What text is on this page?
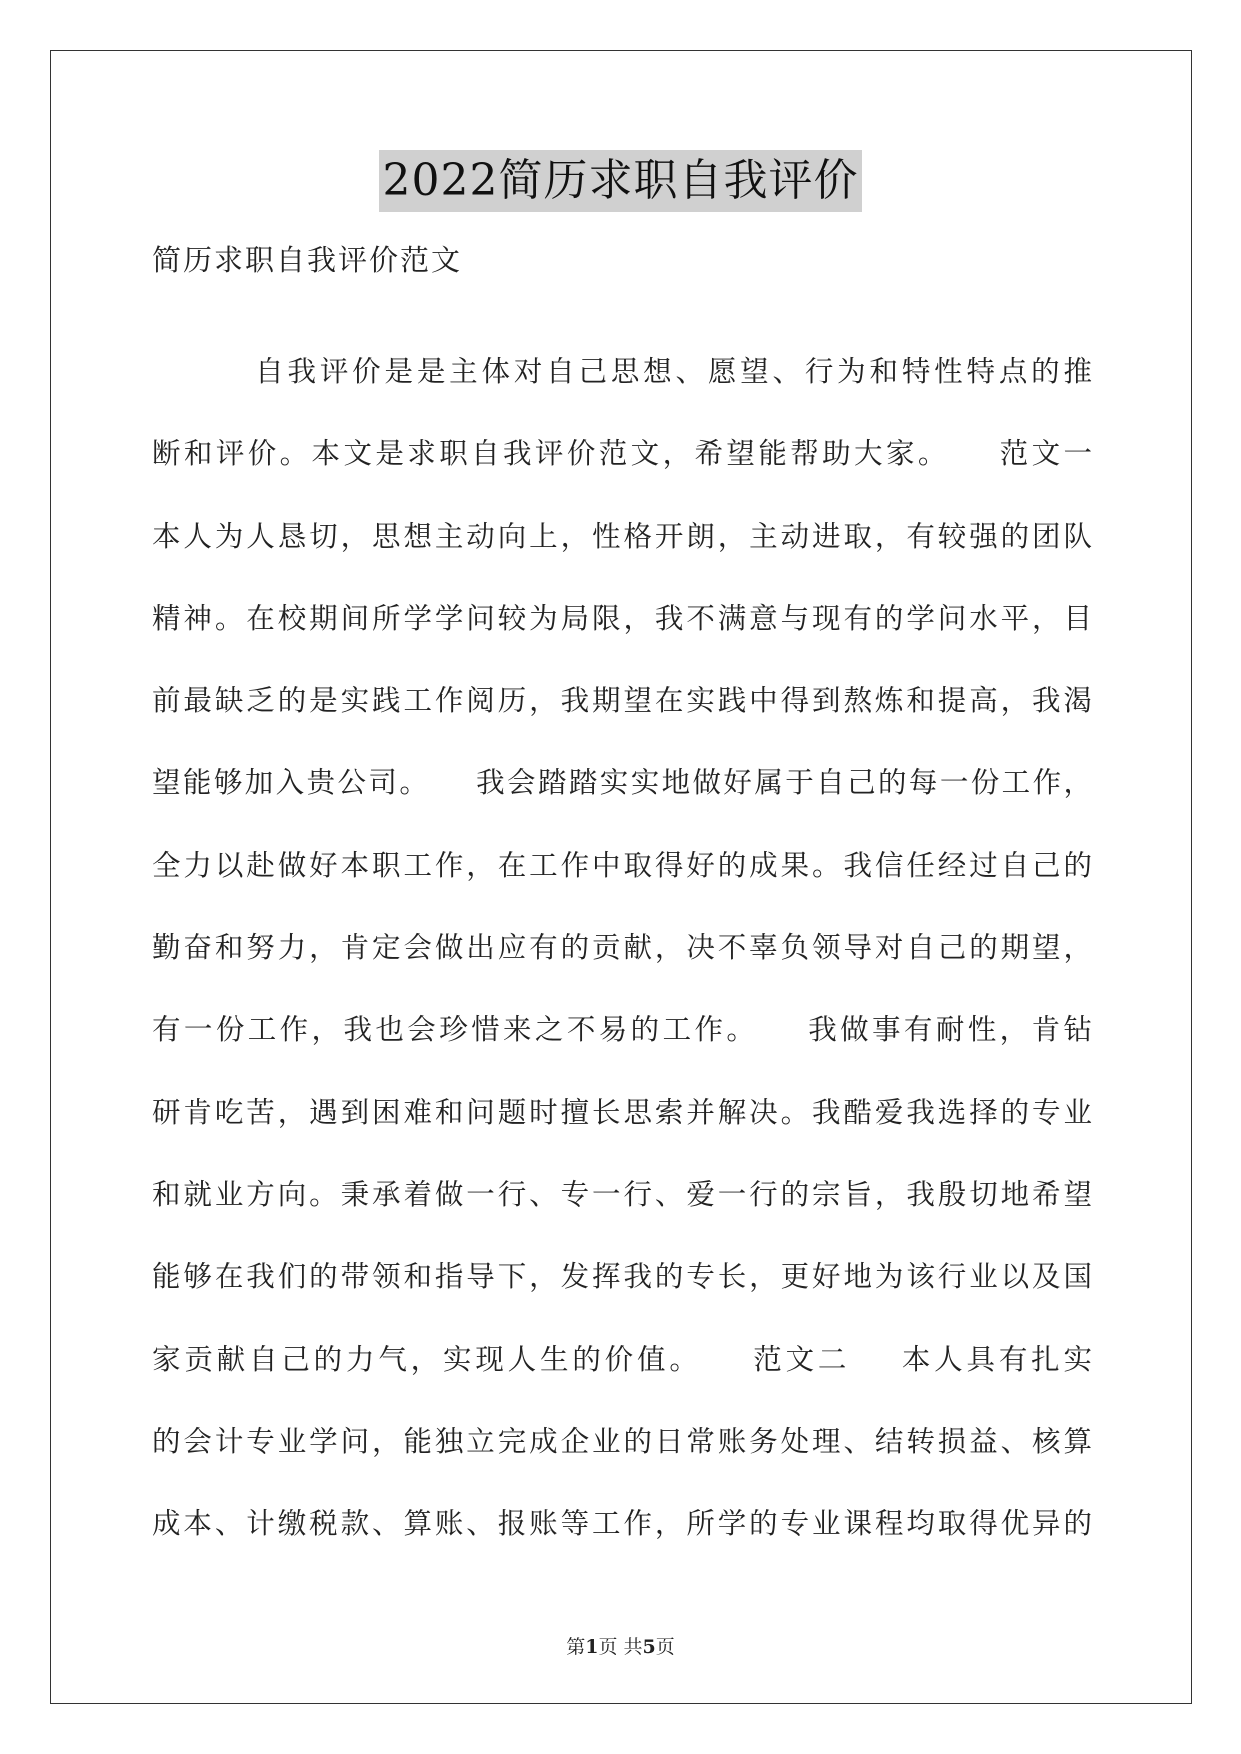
2022简历求职自我评价
简历求职自我评价范文
自我评价是是主体对自己思想、愿望、行为和特性特点的推
断和评价。本文是求职自我评价范文，希望能帮助大家。    范文一
本人为人恳切，思想主动向上，性格开朗，主动进取，有较强的团队
精神。在校期间所学学问较为局限，我不满意与现有的学问水平，目
前最缺乏的是实践工作阅历，我期望在实践中得到熬炼和提高，我渴
望能够加入贵公司。    我会踏踏实实地做好属于自己的每一份工作，
全力以赴做好本职工作，在工作中取得好的成果。我信任经过自己的
勤奋和努力，肯定会做出应有的贡献，决不辜负领导对自己的期望，
有一份工作，我也会珍惜来之不易的工作。    我做事有耐性，肯钻
研肯吃苦，遇到困难和问题时擅长思索并解决。我酷爱我选择的专业
和就业方向。秉承着做一行、专一行、爱一行的宗旨，我殷切地希望
能够在我们的带领和指导下，发挥我的专长，更好地为该行业以及国
家贡献自己的力气，实现人生的价值。    范文二    本人具有扎实
的会计专业学问，能独立完成企业的日常账务处理、结转损益、核算
成本、计缴税款、算账、报账等工作，所学的专业课程均取得优异的
第1页 共5页
